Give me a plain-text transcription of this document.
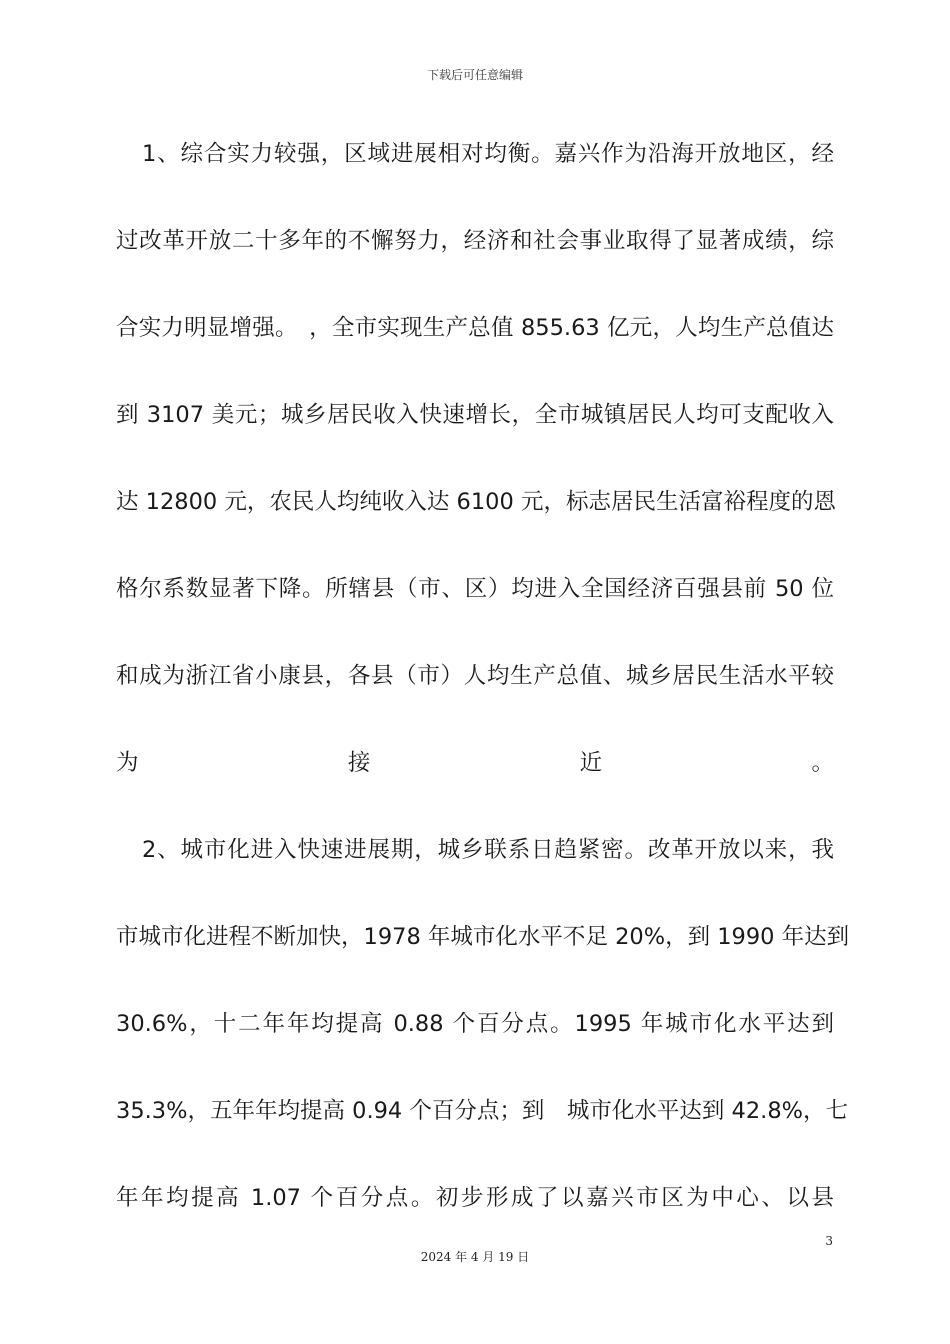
下载后可任意编辑
1、综合实力较强，区域进展相对均衡。嘉兴作为沿海开放地区，经
过改革开放二十多年的不懈努力，经济和社会事业取得了显著成绩，综
合实力明显增强。　，全市实现生产总值 855.63 亿元，人均生产总值达
到 3107 美元；城乡居民收入快速增长，全市城镇居民人均可支配收入
达 12800 元，农民人均纯收入达 6100 元，标志居民生活富裕程度的恩
格尔系数显著下降。所辖县（市、区）均进入全国经济百强县前 50 位
和成为浙江省小康县，各县（市）人均生产总值、城乡居民生活水平较
为	接	近	。
2、城市化进入快速进展期，城乡联系日趋紧密。改革开放以来，我
市城市化进程不断加快，1978 年城市化水平不足 20%，到 1990 年达到
30.6%，十二年年均提高 0.88 个百分点。1995 年城市化水平达到
35.3%，五年年均提高 0.94 个百分点；到　城市化水平达到 42.8%，七
年年均提高 1.07 个百分点。初步形成了以嘉兴市区为中心、以县
3
2024 年 4 月 19 日
